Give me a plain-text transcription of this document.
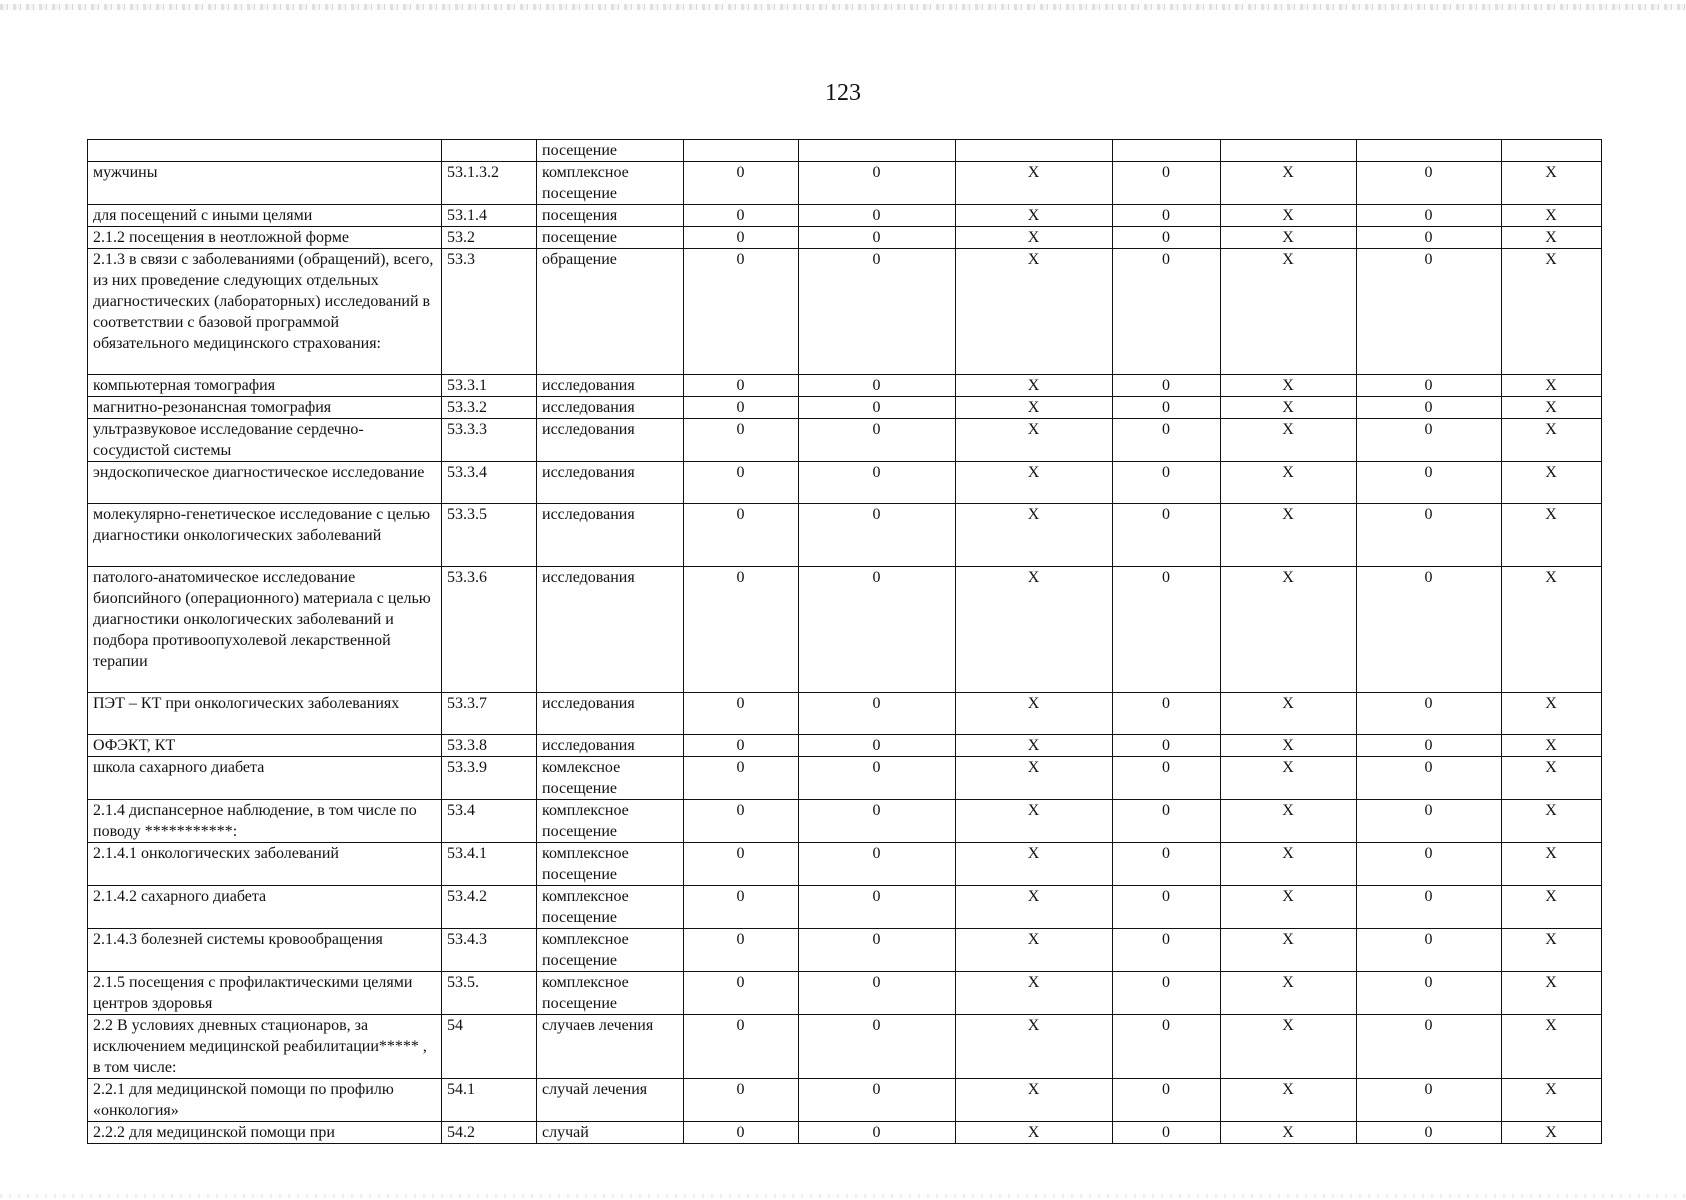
123
		посещение							
мужчины	53.1.3.2	комплексное посещение	0	0	X	0	X	0	X
для посещений с иными целями	53.1.4	посещения	0	0	X	0	X	0	X
2.1.2 посещения в неотложной форме	53.2	посещение	0	0	X	0	X	0	X
2.1.3 в связи с заболеваниями (обращений), всего, из них проведение следующих отдельных диагностических (лабораторных) исследований в соответствии с базовой программой обязательного медицинского страхования:	53.3	обращение	0	0	X	0	X	0	X
компьютерная томография	53.3.1	исследования	0	0	X	0	X	0	X
магнитно-резонансная томография	53.3.2	исследования	0	0	X	0	X	0	X
ультразвуковое исследование сердечно-сосудистой системы	53.3.3	исследования	0	0	X	0	X	0	X
эндоскопическое диагностическое исследование	53.3.4	исследования	0	0	X	0	X	0	X
молекулярно-генетическое исследование с целью диагностики онкологических заболеваний	53.3.5	исследования	0	0	X	0	X	0	X
патолого-анатомическое исследование биопсийного (операционного) материала с целью диагностики онкологических заболеваний и подбора противоопухолевой лекарственной терапии	53.3.6	исследования	0	0	X	0	X	0	X
ПЭТ – КТ при онкологических заболеваниях	53.3.7	исследования	0	0	X	0	X	0	X
ОФЭКТ, КТ	53.3.8	исследования	0	0	X	0	X	0	X
школа сахарного диабета	53.3.9	комлексное посещение	0	0	X	0	X	0	X
2.1.4 диспансерное наблюдение, в том числе по поводу ***********:	53.4	комплексное посещение	0	0	X	0	X	0	X
2.1.4.1 онкологических заболеваний	53.4.1	комплексное посещение	0	0	X	0	X	0	X
2.1.4.2 сахарного диабета	53.4.2	комплексное посещение	0	0	X	0	X	0	X
2.1.4.3 болезней системы кровообращения	53.4.3	комплексное посещение	0	0	X	0	X	0	X
2.1.5 посещения с профилактическими целями центров здоровья	53.5.	комплексное посещение	0	0	X	0	X	0	X
2.2 В условиях дневных стационаров, за исключением медицинской реабилитации***** , в том числе:	54	случаев лечения	0	0	X	0	X	0	X
2.2.1 для медицинской помощи по профилю «онкология»	54.1	случай лечения	0	0	X	0	X	0	X
2.2.2 для медицинской помощи при	54.2	случай	0	0	X	0	X	0	X
